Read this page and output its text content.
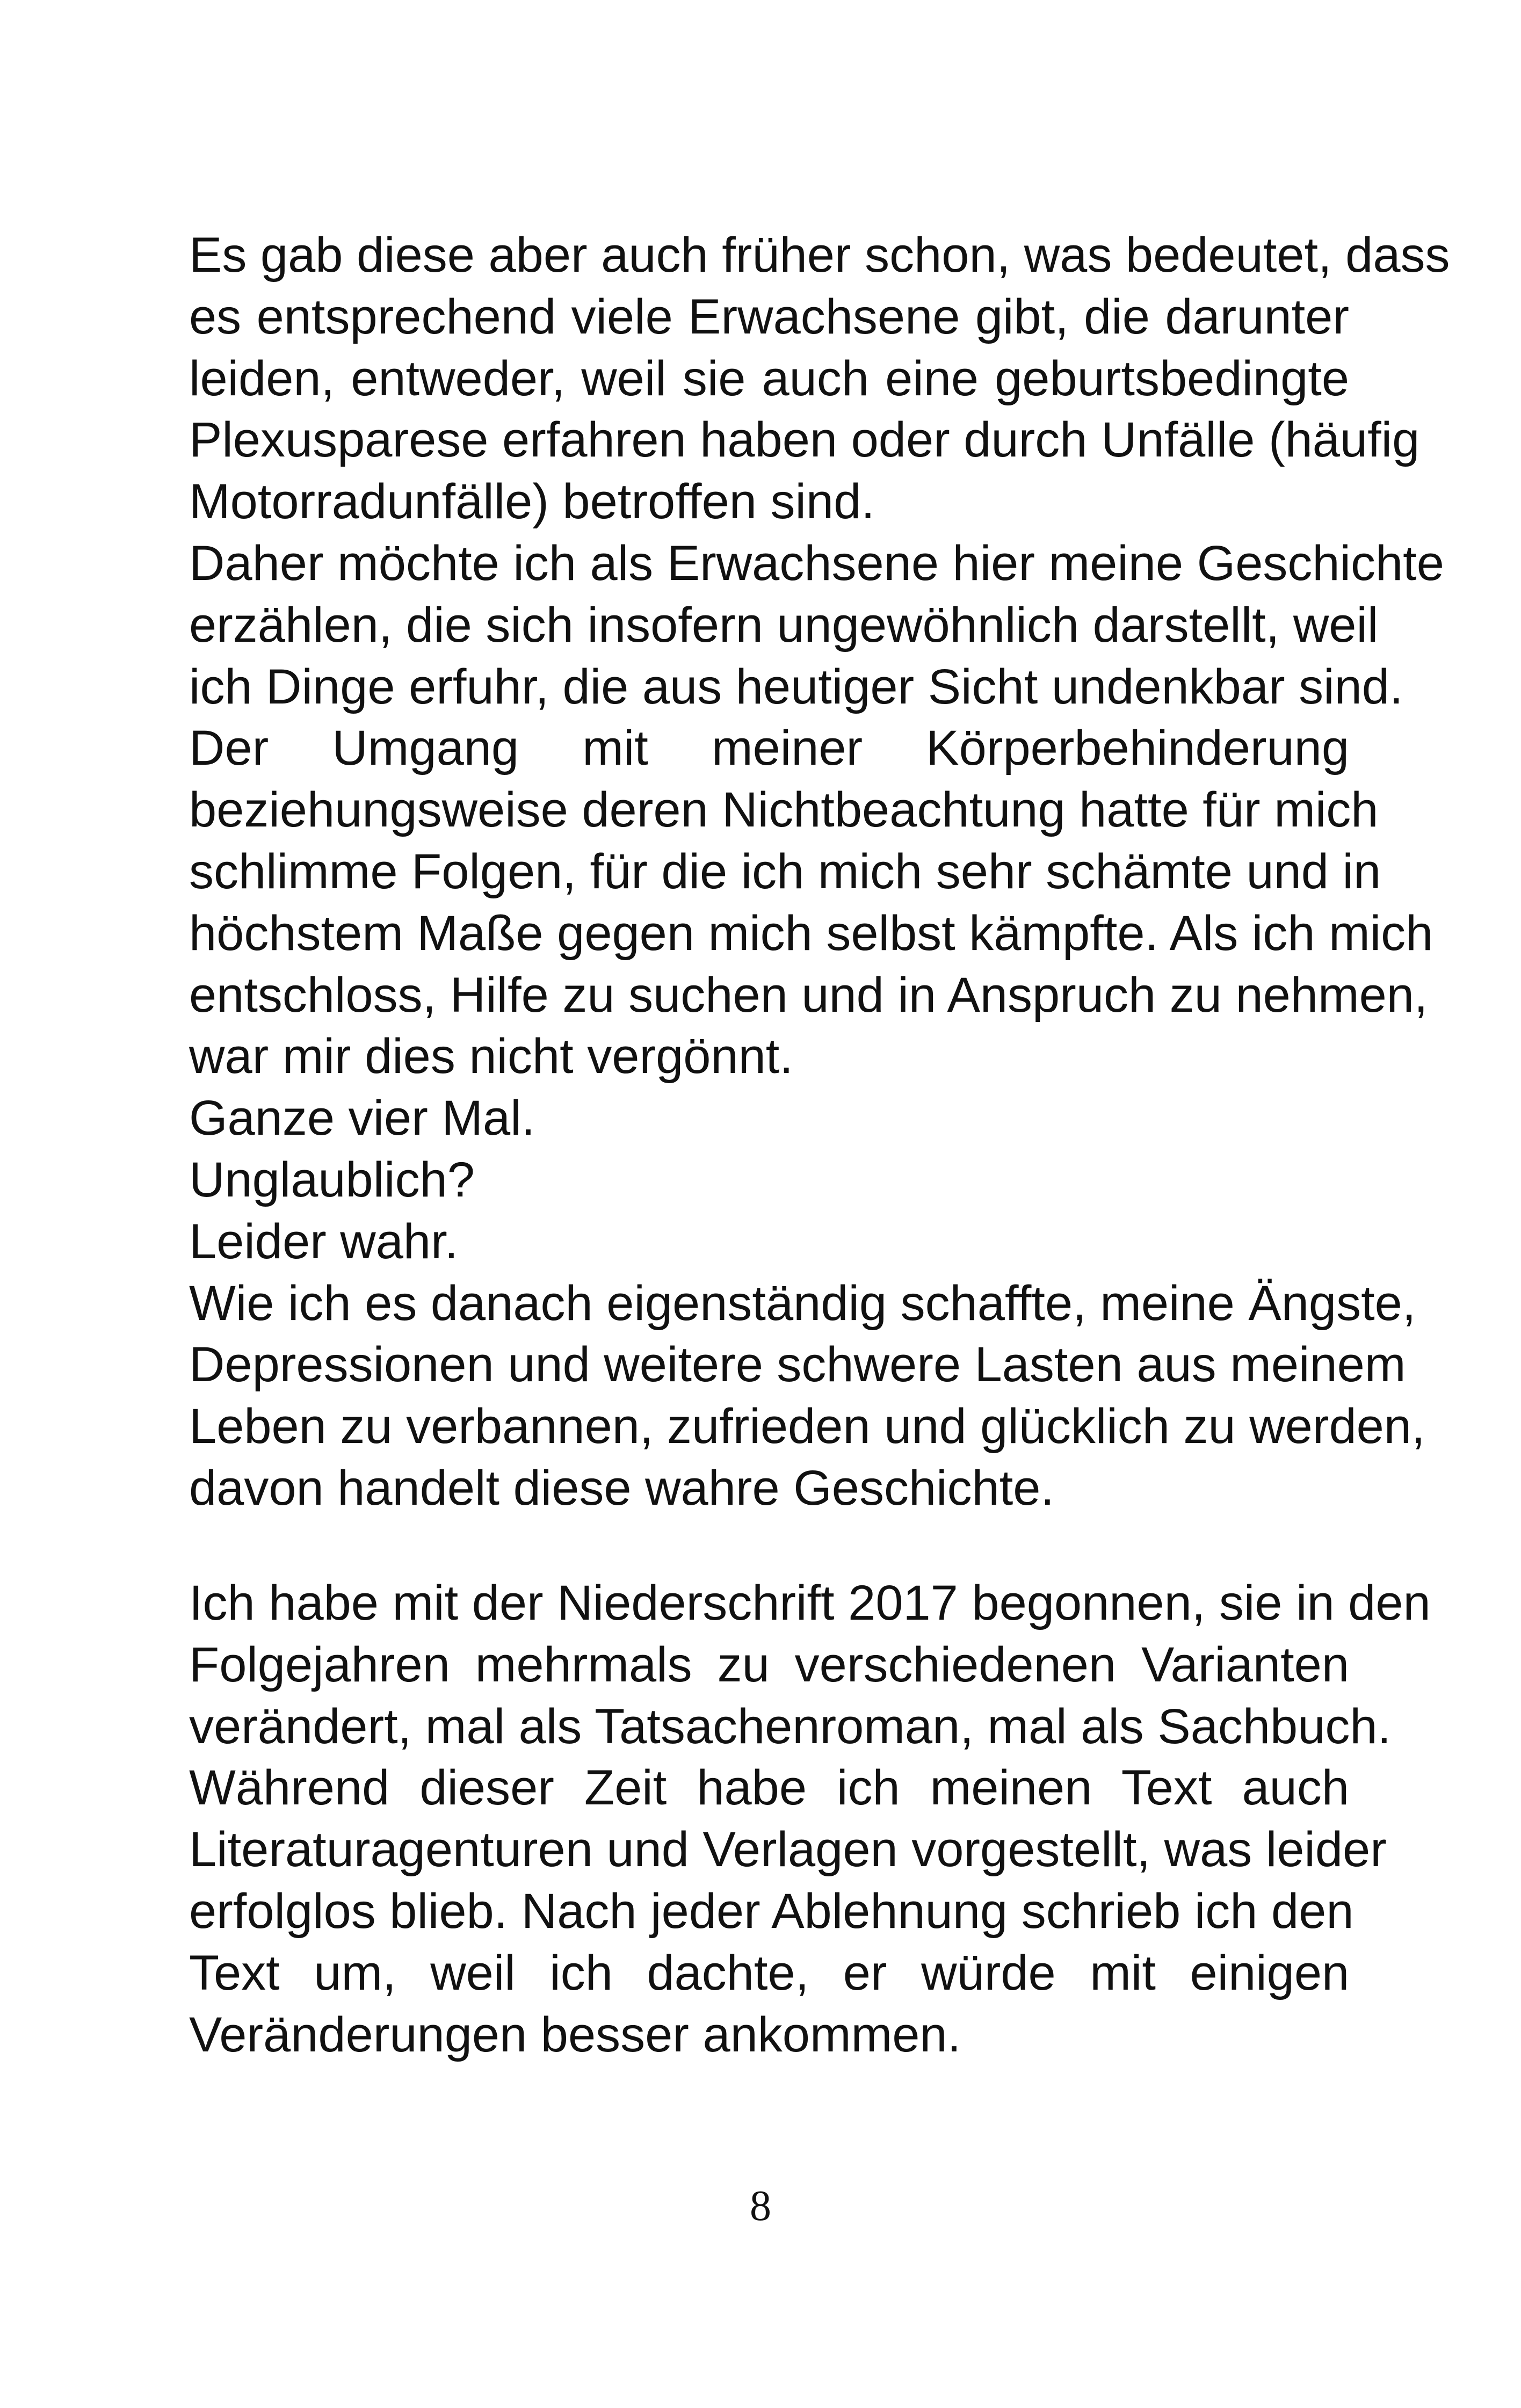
Es gab diese aber auch früher schon, was bedeutet, dass
es entsprechend viele Erwachsene gibt, die darunter
leiden, entweder, weil sie auch eine geburtsbedingte
Plexusparese erfahren haben oder durch Unfälle (häufig
Motorradunfälle) betroffen sind.
Daher möchte ich als Erwachsene hier meine Geschichte
erzählen, die sich insofern ungewöhnlich darstellt, weil
ich Dinge erfuhr, die aus heutiger Sicht undenkbar sind.
Der Umgang mit meiner Körperbehinderung
beziehungsweise deren Nichtbeachtung hatte für mich
schlimme Folgen, für die ich mich sehr schämte und in
höchstem Maße gegen mich selbst kämpfte. Als ich mich
entschloss, Hilfe zu suchen und in Anspruch zu nehmen,
war mir dies nicht vergönnt.
Ganze vier Mal.
Unglaublich?
Leider wahr.
Wie ich es danach eigenständig schaffte, meine Ängste,
Depressionen und weitere schwere Lasten aus meinem
Leben zu verbannen, zufrieden und glücklich zu werden,
davon handelt diese wahre Geschichte.
Ich habe mit der Niederschrift 2017 begonnen, sie in den
Folgejahren mehrmals zu verschiedenen Varianten
verändert, mal als Tatsachenroman, mal als Sachbuch.
Während dieser Zeit habe ich meinen Text auch
Literaturagenturen und Verlagen vorgestellt, was leider
erfolglos blieb. Nach jeder Ablehnung schrieb ich den
Text um, weil ich dachte, er würde mit einigen
Veränderungen besser ankommen.
8
